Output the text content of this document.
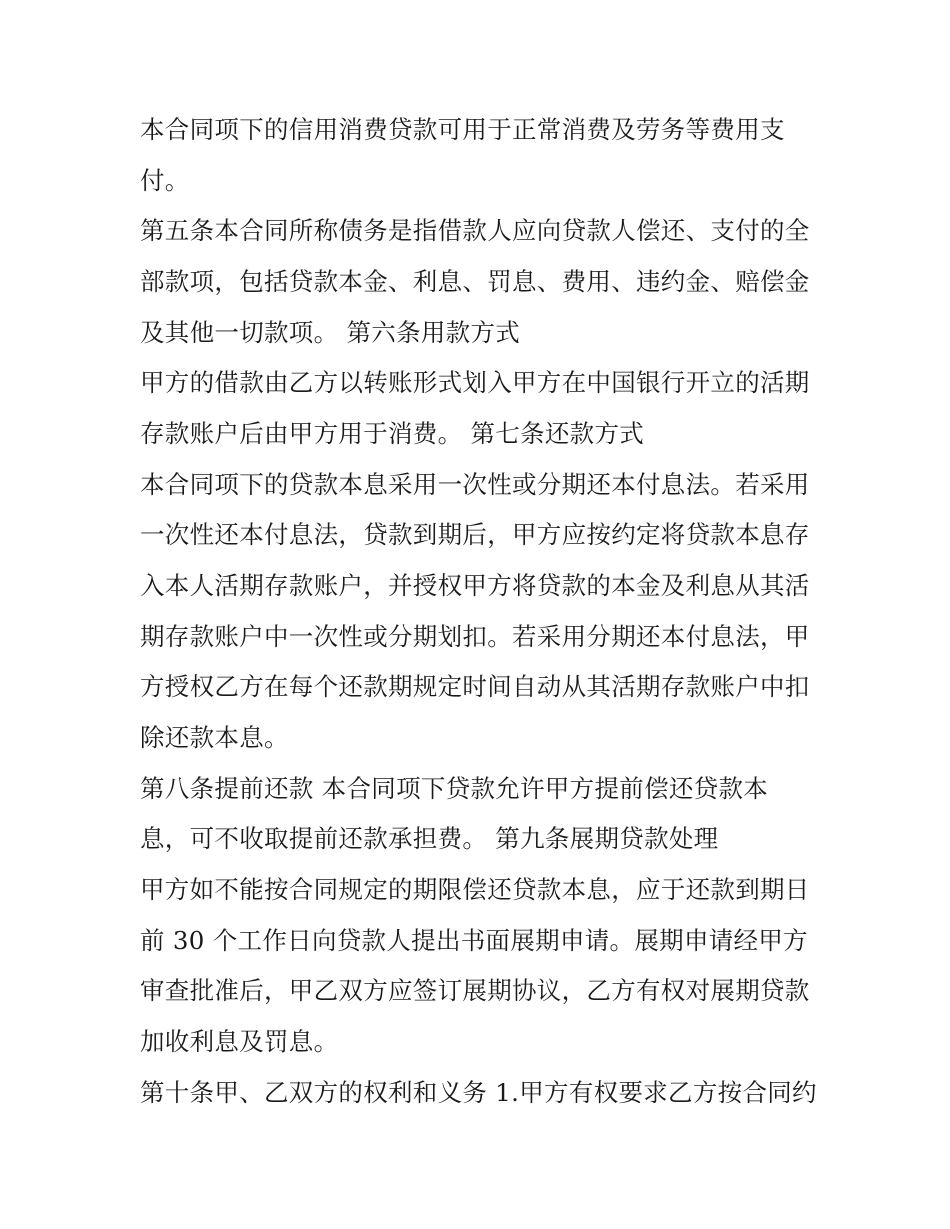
本合同项下的信用消费贷款可用于正常消费及劳务等费用支

付。

第五条本合同所称债务是指借款人应向贷款人偿还、支付的全

部款项，包括贷款本金、利息、罚息、费用、违约金、赔偿金

及其他一切款项。 第六条用款方式

甲方的借款由乙方以转账形式划入甲方在中国银行开立的活期

存款账户后由甲方用于消费。 第七条还款方式

本合同项下的贷款本息采用一次性或分期还本付息法。若采用

一次性还本付息法，贷款到期后，甲方应按约定将贷款本息存

入本人活期存款账户，并授权甲方将贷款的本金及利息从其活

期存款账户中一次性或分期划扣。若采用分期还本付息法，甲

方授权乙方在每个还款期规定时间自动从其活期存款账户中扣

除还款本息。

第八条提前还款 本合同项下贷款允许甲方提前偿还贷款本

息，可不收取提前还款承担费。 第九条展期贷款处理

甲方如不能按合同规定的期限偿还贷款本息，应于还款到期日

前 30 个工作日向贷款人提出书面展期申请。展期申请经甲方

审查批准后，甲乙双方应签订展期协议，乙方有权对展期贷款

加收利息及罚息。

第十条甲、乙双方的权利和义务 1.甲方有权要求乙方按合同约
